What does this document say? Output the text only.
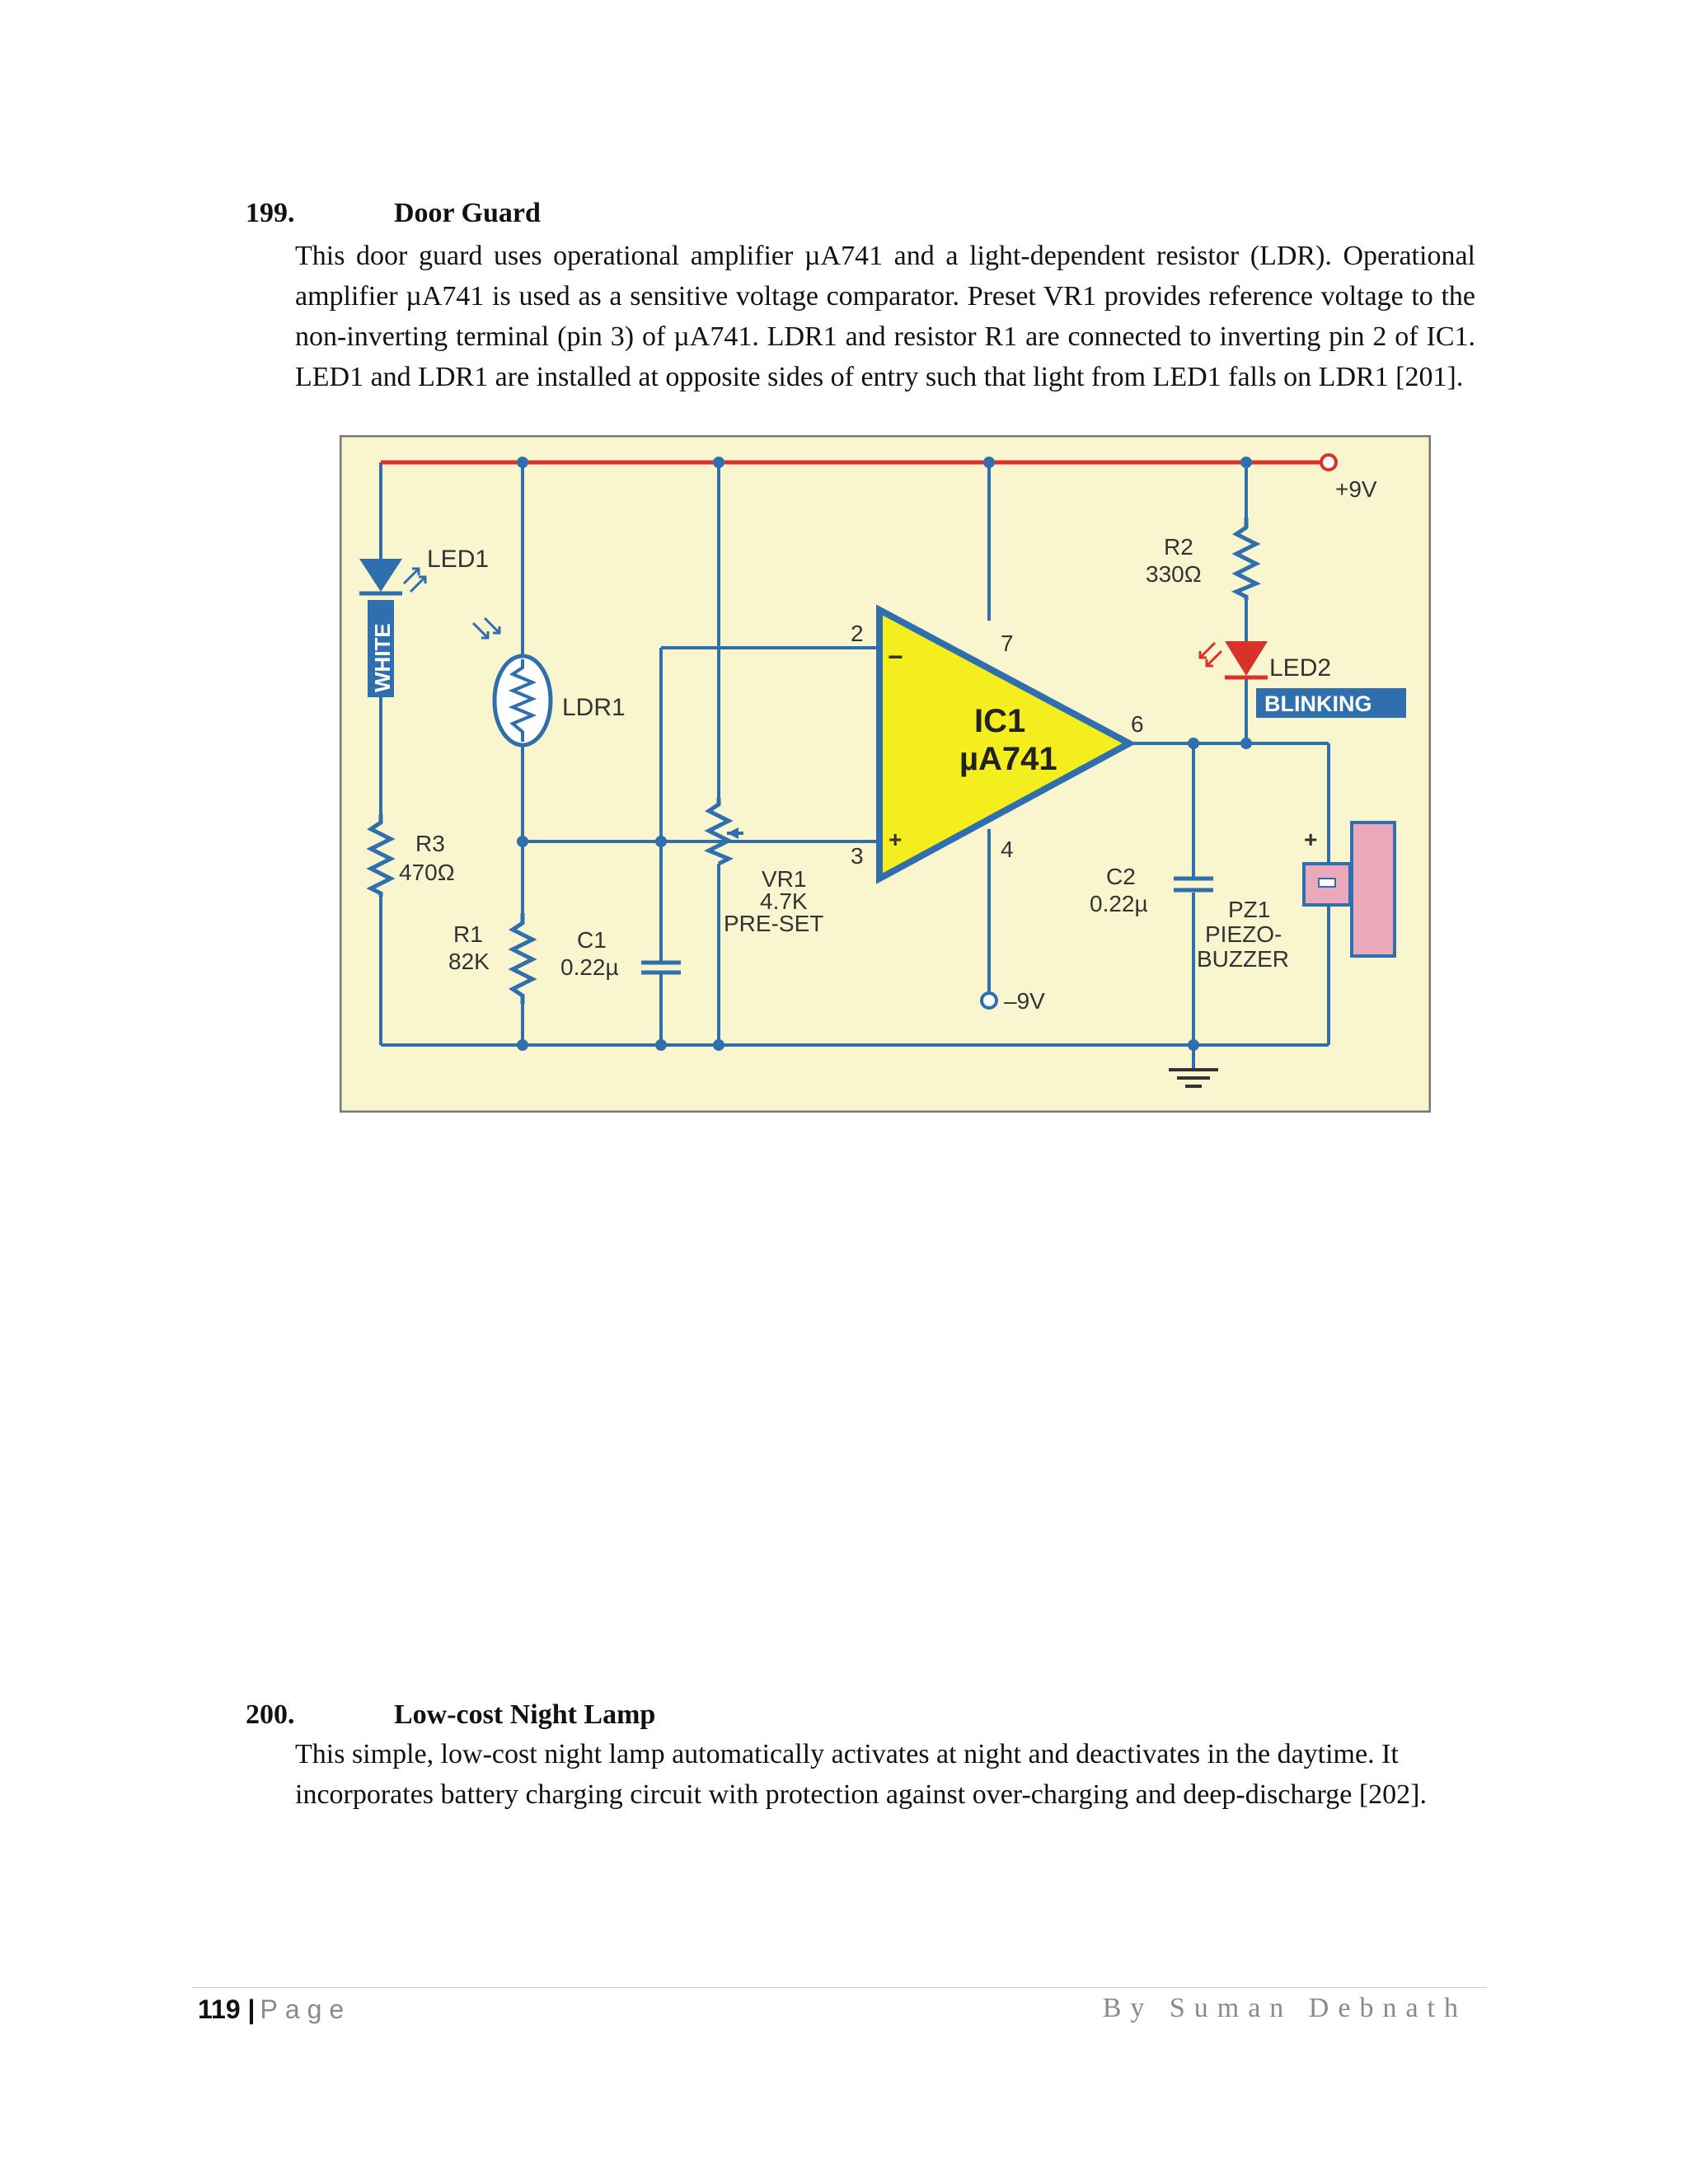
199.	Door Guard
This door guard uses operational amplifier µA741 and a light-dependent resistor (LDR). Operational amplifier µA741 is used as a sensitive voltage comparator. Preset VR1 provides reference voltage to the non-inverting terminal (pin 3) of µA741. LDR1 and resistor R1 are connected to inverting pin 2 of IC1. LED1 and LDR1 are installed at opposite sides of entry such that light from LED1 falls on LDR1 [201].
LED1
WHITE
R3
470Ω
LDR1
R1
82K
C1
0.22µ
VR1
4.7K
PRE-SET
−
+
IC1
µA741
2
3	4
6
7
+9V
–9V
R2
330Ω
LED2
BLINKING
C2
0.22µ
+
PZ1
PIEZO-
BUZZER
200.	Low-cost Night Lamp
This simple, low-cost night lamp automatically activates at night and deactivates in the daytime. It incorporates battery charging circuit with protection against over-charging and deep-discharge [202].
119 | Page	By Suman Debnath
